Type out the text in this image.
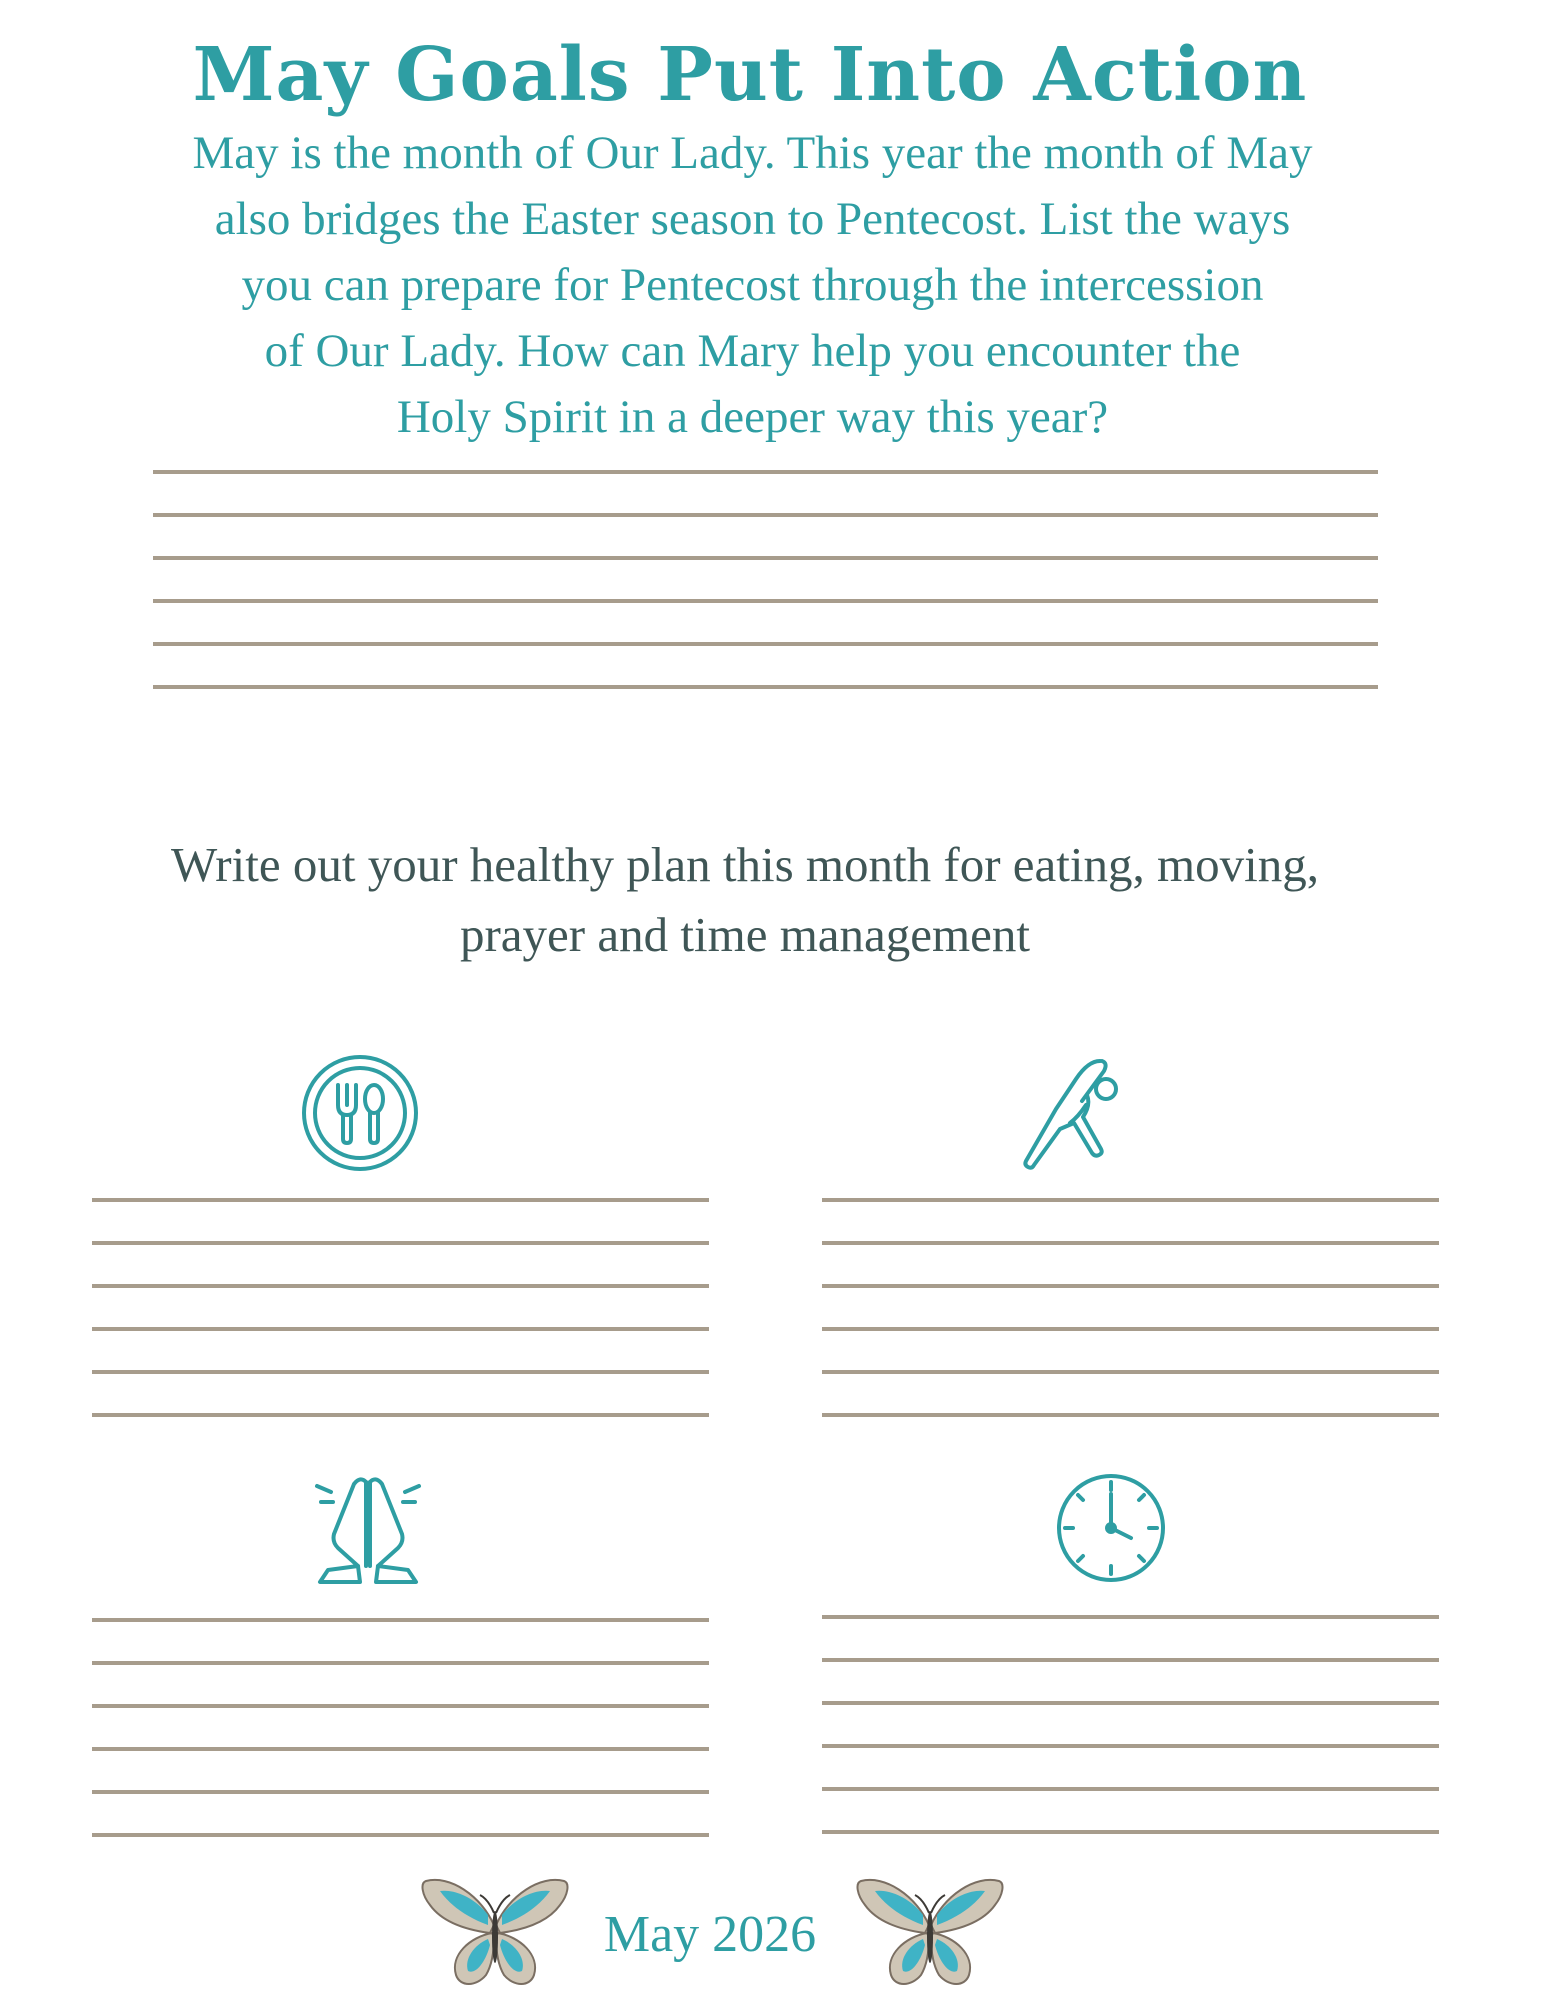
May Goals Put Into Action
May is the month of Our Lady. This year the month of May
also bridges the Easter season to Pentecost. List the ways
you can prepare for Pentecost through the intercession
of Our Lady. How can Mary help you encounter the
Holy Spirit in a deeper way this year?
Write out your healthy plan this month for eating, moving,
prayer and time management
May 2026
